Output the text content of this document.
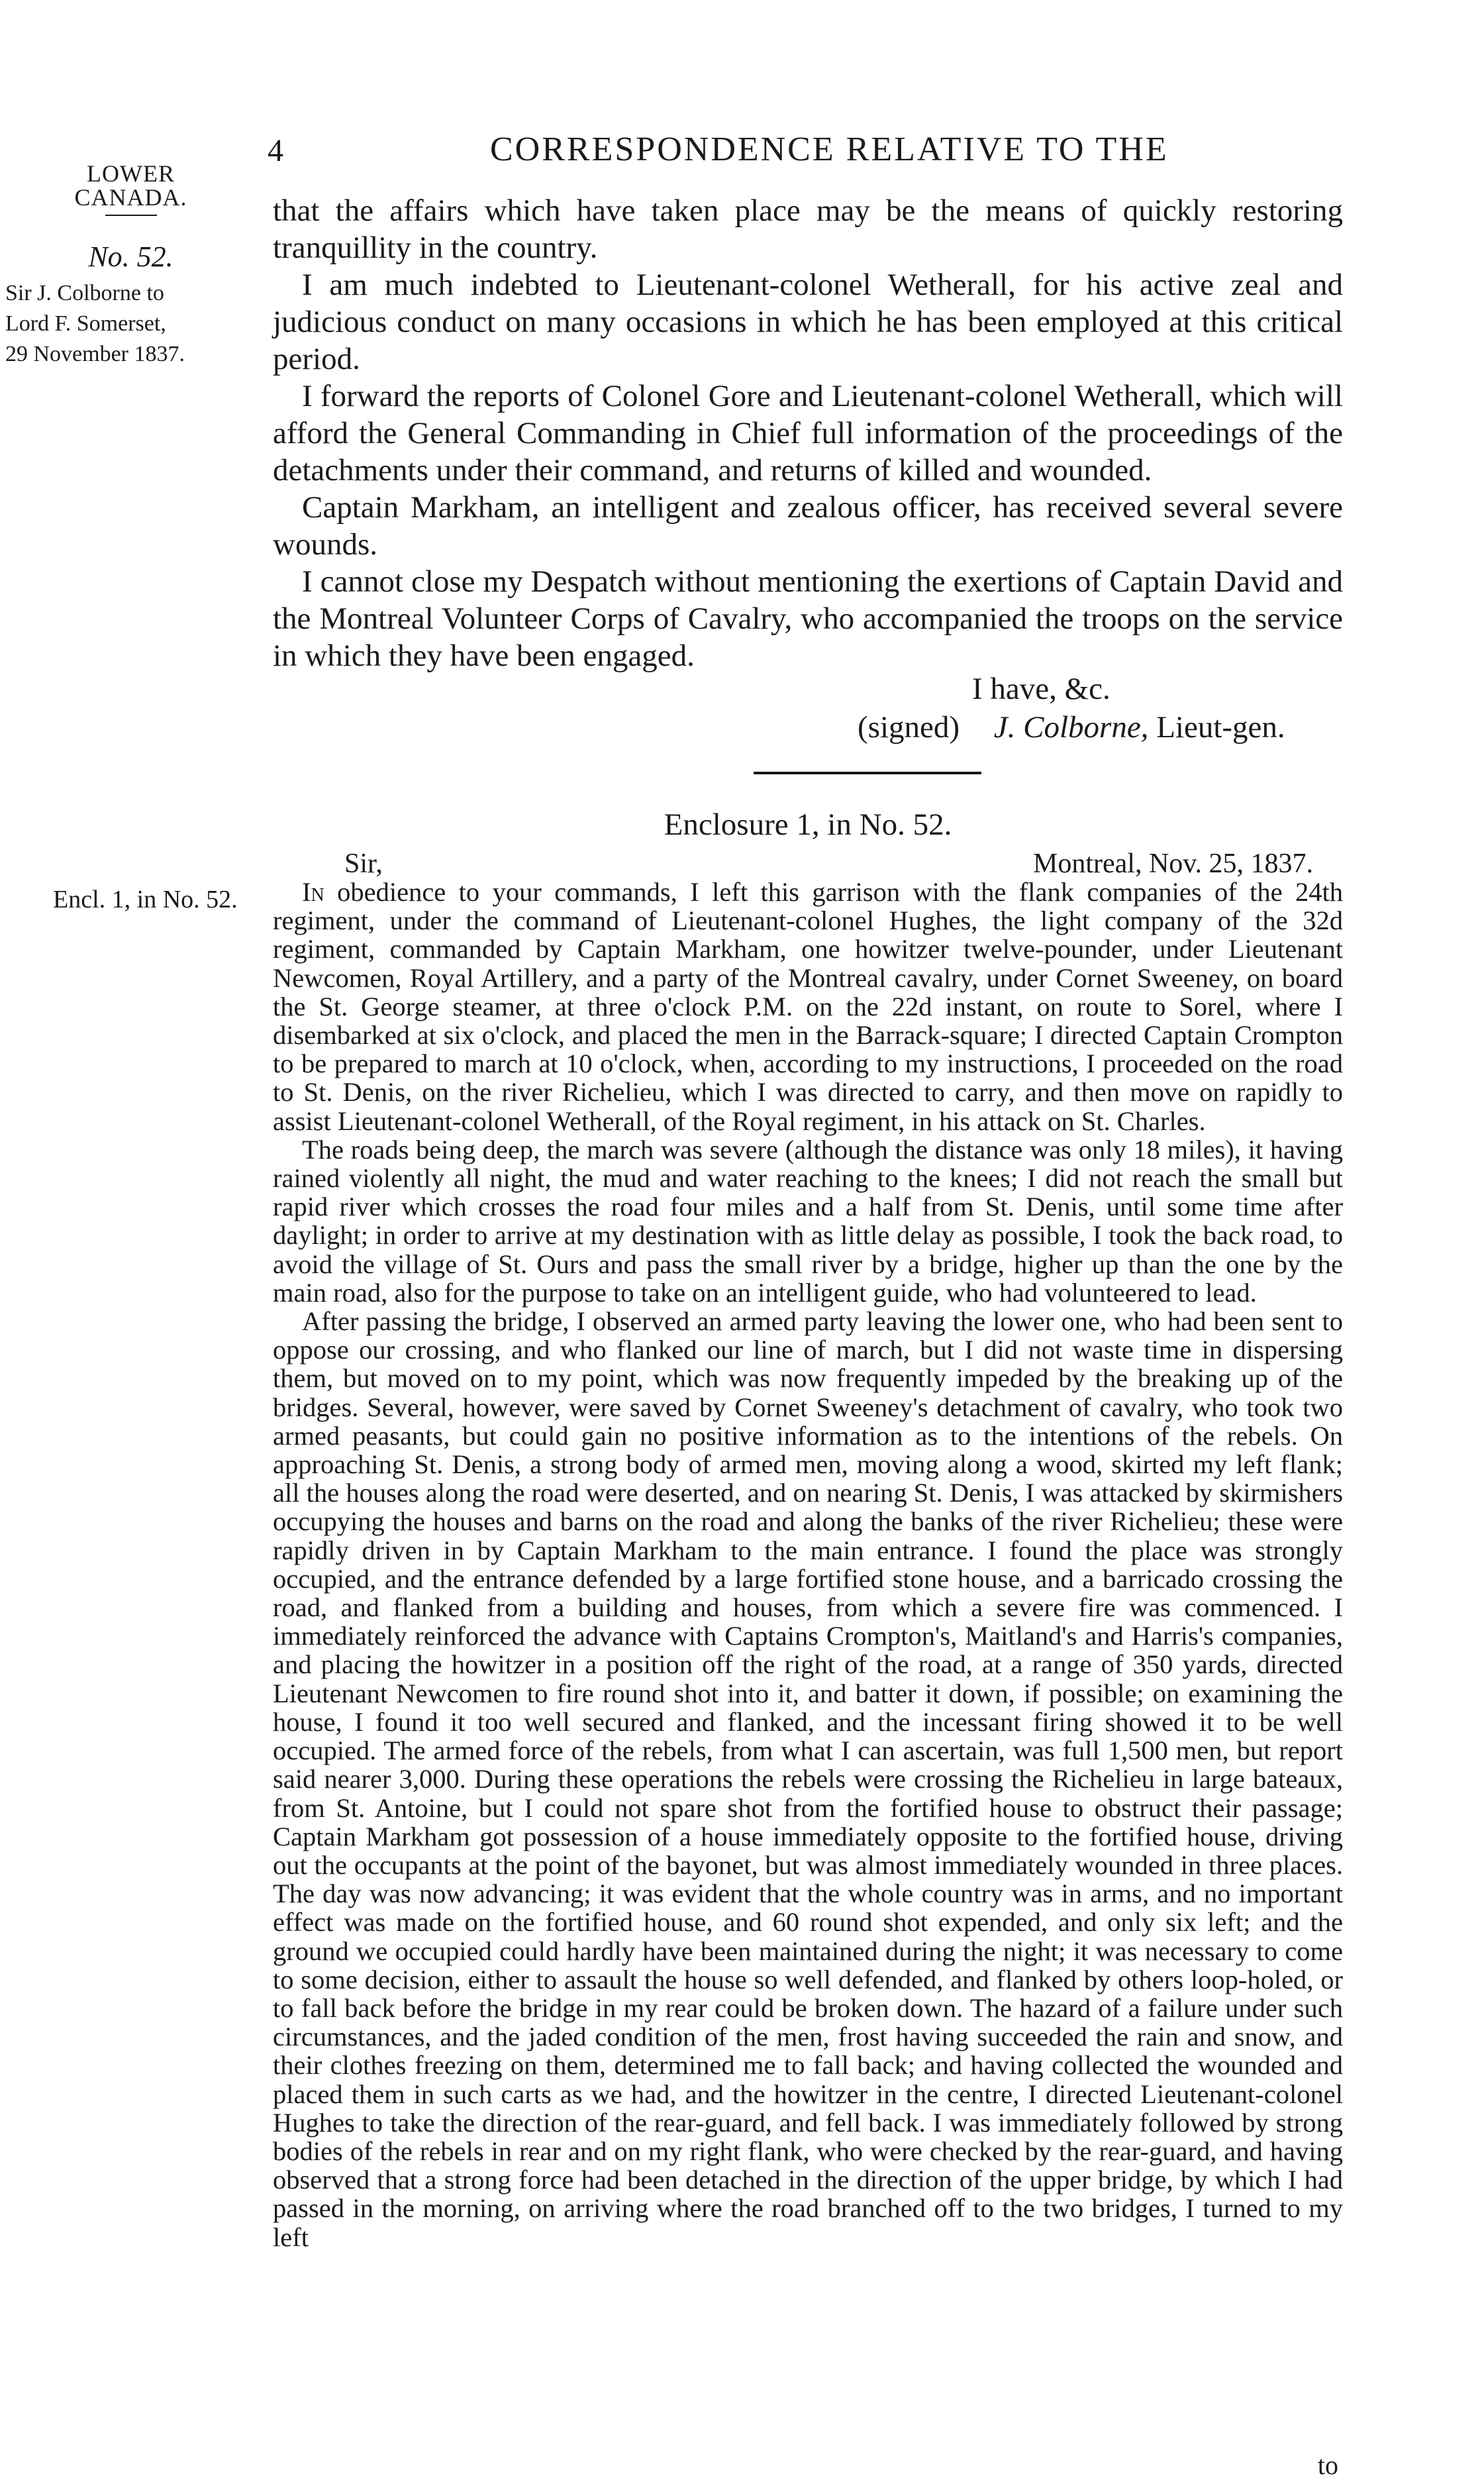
4	CORRESPONDENCE RELATIVE TO THE
LOWER
CANADA.
No. 52.
Sir J. Colborne to
Lord F. Somerset,
29 November 1837.
Encl. 1, in No. 52.

that the affairs which have taken place may be the means of quickly restoring tranquillity in the country.

I am much indebted to Lieutenant-colonel Wetherall, for his active zeal and judicious conduct on many occasions in which he has been employed at this critical period.

I forward the reports of Colonel Gore and Lieutenant-colonel Wetherall, which will afford the General Commanding in Chief full information of the proceedings of the detachments under their command, and returns of killed and wounded.

Captain Markham, an intelligent and zealous officer, has received several severe wounds.

I cannot close my Despatch without mentioning the exertions of Captain David and the Montreal Volunteer Corps of Cavalry, who accompanied the troops on the service in which they have been engaged.

I have, &c.
(signed) J. Colborne, Lieut-gen.
Enclosure 1, in No. 52.
Sir,	Montreal, Nov. 25, 1837.

In obedience to your commands, I left this garrison with the flank companies of the 24th regiment, under the command of Lieutenant-colonel Hughes, the light company of the 32d regiment, commanded by Captain Markham, one howitzer twelve-pounder, under Lieutenant Newcomen, Royal Artillery, and a party of the Montreal cavalry, under Cornet Sweeney, on board the St. George steamer, at three o'clock P.M. on the 22d instant, on route to Sorel, where I disembarked at six o'clock, and placed the men in the Barrack-square; I directed Captain Crompton to be prepared to march at 10 o'clock, when, according to my instructions, I proceeded on the road to St. Denis, on the river Richelieu, which I was directed to carry, and then move on rapidly to assist Lieutenant-colonel Wetherall, of the Royal regiment, in his attack on St. Charles.

The roads being deep, the march was severe (although the distance was only 18 miles), it having rained violently all night, the mud and water reaching to the knees; I did not reach the small but rapid river which crosses the road four miles and a half from St. Denis, until some time after daylight; in order to arrive at my destination with as little delay as possible, I took the back road, to avoid the village of St. Ours and pass the small river by a bridge, higher up than the one by the main road, also for the purpose to take on an intelligent guide, who had volunteered to lead.

After passing the bridge, I observed an armed party leaving the lower one, who had been sent to oppose our crossing, and who flanked our line of march, but I did not waste time in dispersing them, but moved on to my point, which was now frequently impeded by the breaking up of the bridges. Several, however, were saved by Cornet Sweeney's detachment of cavalry, who took two armed peasants, but could gain no positive information as to the intentions of the rebels. On approaching St. Denis, a strong body of armed men, moving along a wood, skirted my left flank; all the houses along the road were deserted, and on nearing St. Denis, I was attacked by skirmishers occupying the houses and barns on the road and along the banks of the river Richelieu; these were rapidly driven in by Captain Markham to the main entrance. I found the place was strongly occupied, and the entrance defended by a large fortified stone house, and a barricado crossing the road, and flanked from a building and houses, from which a severe fire was commenced. I immediately reinforced the advance with Captains Crompton's, Maitland's and Harris's companies, and placing the howitzer in a position off the right of the road, at a range of 350 yards, directed Lieutenant Newcomen to fire round shot into it, and batter it down, if possible; on examining the house, I found it too well secured and flanked, and the incessant firing showed it to be well occupied. The armed force of the rebels, from what I can ascertain, was full 1,500 men, but report said nearer 3,000. During these operations the rebels were crossing the Richelieu in large bateaux, from St. Antoine, but I could not spare shot from the fortified house to obstruct their passage; Captain Markham got possession of a house immediately opposite to the fortified house, driving out the occupants at the point of the bayonet, but was almost immediately wounded in three places. The day was now advancing; it was evident that the whole country was in arms, and no important effect was made on the fortified house, and 60 round shot expended, and only six left; and the ground we occupied could hardly have been maintained during the night; it was necessary to come to some decision, either to assault the house so well defended, and flanked by others loop-holed, or to fall back before the bridge in my rear could be broken down. The hazard of a failure under such circumstances, and the jaded condition of the men, frost having succeeded the rain and snow, and their clothes freezing on them, determined me to fall back; and having collected the wounded and placed them in such carts as we had, and the howitzer in the centre, I directed Lieutenant-colonel Hughes to take the direction of the rear-guard, and fell back. I was immediately followed by strong bodies of the rebels in rear and on my right flank, who were checked by the rear-guard, and having observed that a strong force had been detached in the direction of the upper bridge, by which I had passed in the morning, on arriving where the road branched off to the two bridges, I turned to my left

to
